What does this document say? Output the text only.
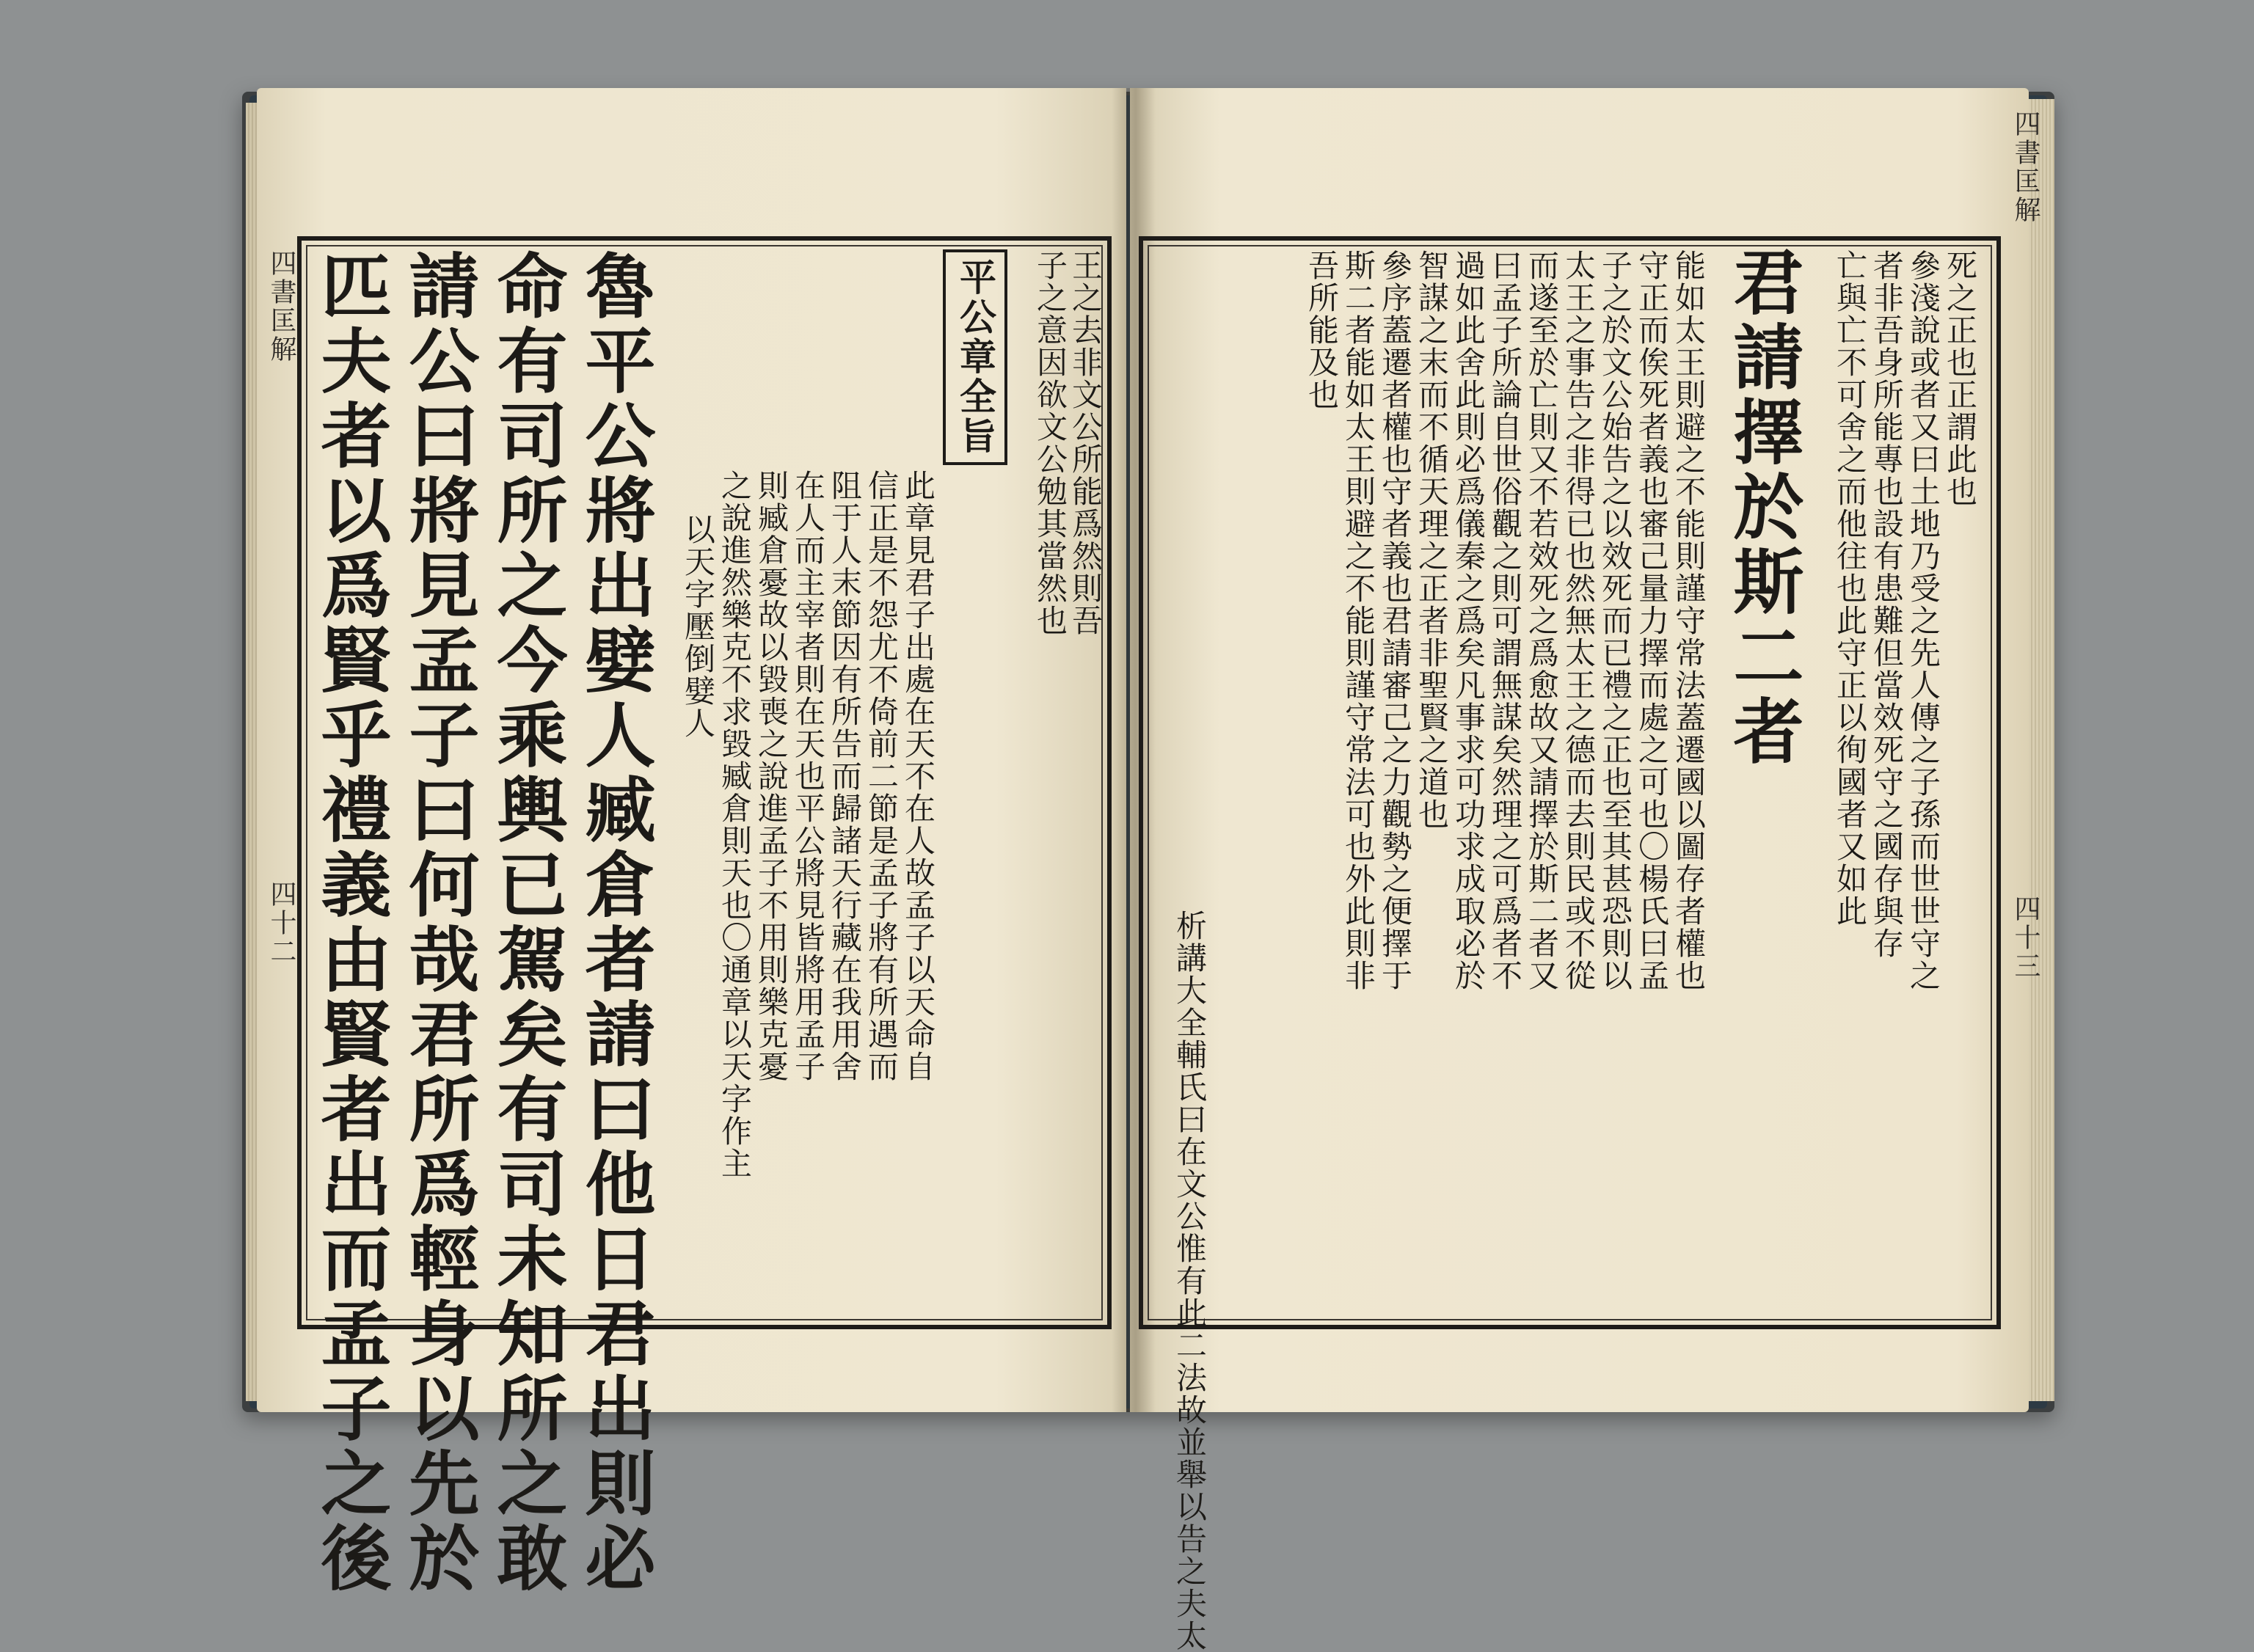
四書匡解
四十二	魯平公將出嬖人臧倉者請曰他日君出則必
命有司所之今乘輿已駕矣有司未知所之敢
請公曰將見孟子曰何哉君所爲輕身以先於
匹夫者以爲賢乎禮義由賢者出而孟子之後	平公章全旨	王之去非文公所能爲然則吾
子之意因欲文公勉其當然也
此章見君子出處在天不在人故孟子以天命自
信正是不怨尤不倚前二節是孟子將有所遇而
阻于人末節因有所告而歸諸天行藏在我用舍
在人而主宰者則在天也平公將見皆將用孟子
則臧倉憂故以毀喪之說進孟子不用則樂克憂
之說進然樂克不求毀臧倉則天也〇通章以天字作主
以天字壓倒嬖人
四書匡解
四十三
死之正也正謂此也
參淺說或者又曰土地乃受之先人傳之子孫而世世守之
者非吾身所能專也設有患難但當效死守之國存與存
亡與亡不可舍之而他往也此守正以徇國者又如此
君請擇於斯二者
能如太王則避之不能則謹守常法蓋遷國以圖存者權也
守正而俟死者義也審己量力擇而處之可也〇楊氏曰孟
子之於文公始告之以效死而已禮之正也至其甚恐則以
太王之事告之非得已也然無太王之德而去則民或不從
而遂至於亡則又不若效死之爲愈故又請擇於斯二者又
曰孟子所論自世俗觀之則可謂無謀矣然理之可爲者不
過如此舍此則必爲儀秦之爲矣凡事求可功求成取必於
智謀之末而不循天理之正者非聖賢之道也
參序蓋遷者權也守者義也君請審己之力觀勢之便擇于
斯二者能如太王則避之不能則謹守常法可也外此則非
吾所能及也
析講大全輔氏曰在文公惟有此二法故並舉以告之夫太
